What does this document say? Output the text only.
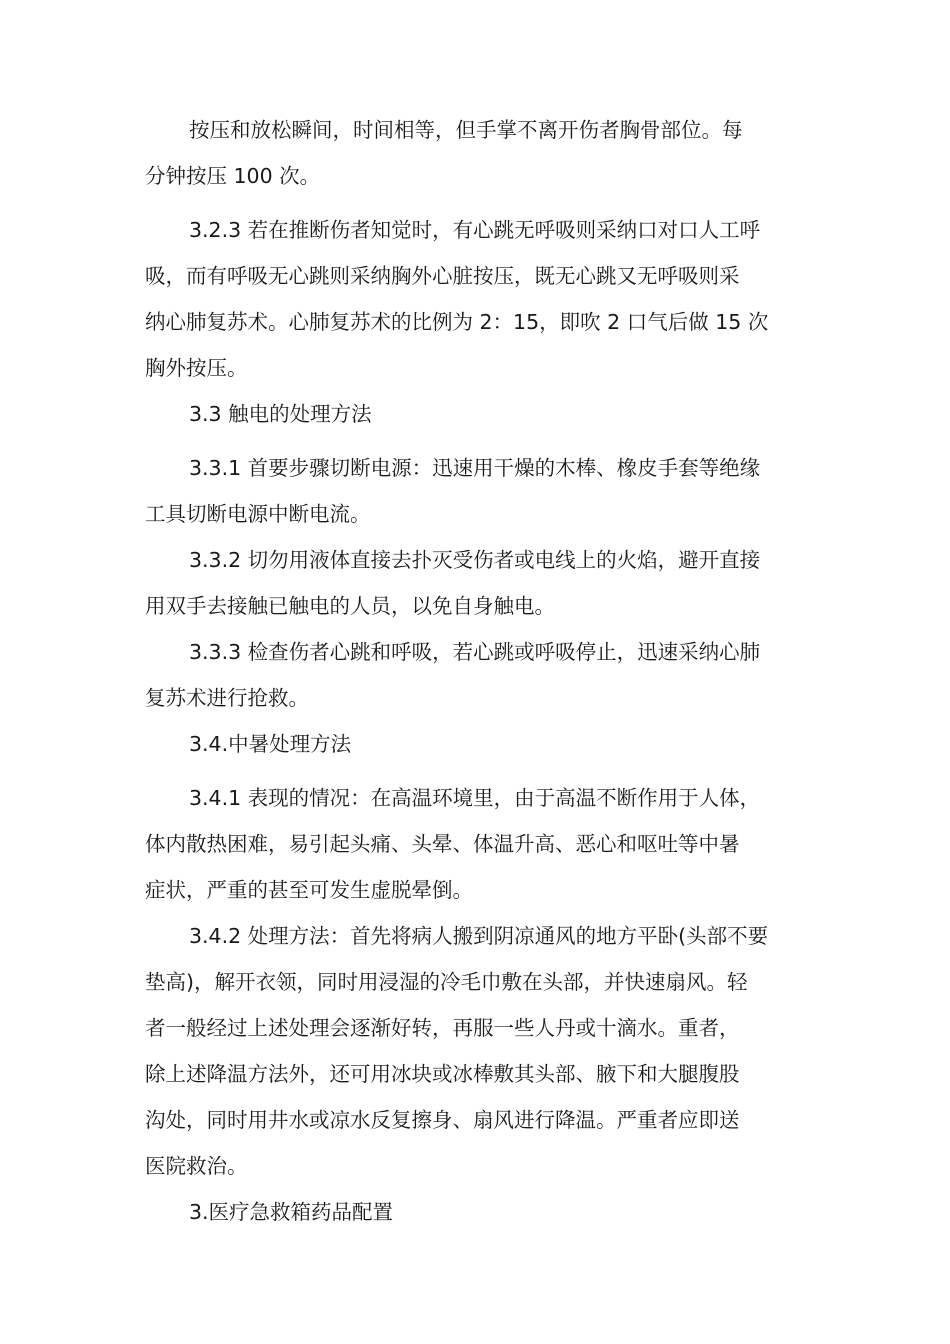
按压和放松瞬间，时间相等，但手掌不离开伤者胸骨部位。每
分钟按压 100 次。
3.2.3 若在推断伤者知觉时，有心跳无呼吸则采纳口对口人工呼
吸，而有呼吸无心跳则采纳胸外心脏按压，既无心跳又无呼吸则采
纳心肺复苏术。心肺复苏术的比例为 2：15，即吹 2 口气后做 15 次
胸外按压。
3.3 触电的处理方法
3.3.1 首要步骤切断电源：迅速用干燥的木棒、橡皮手套等绝缘
工具切断电源中断电流。
3.3.2 切勿用液体直接去扑灭受伤者或电线上的火焰，避开直接
用双手去接触已触电的人员，以免自身触电。
3.3.3 检查伤者心跳和呼吸，若心跳或呼吸停止，迅速采纳心肺
复苏术进行抢救。
3.4.中暑处理方法
3.4.1 表现的情况：在高温环境里，由于高温不断作用于人体，
体内散热困难，易引起头痛、头晕、体温升高、恶心和呕吐等中暑
症状，严重的甚至可发生虚脱晕倒。
3.4.2 处理方法：首先将病人搬到阴凉通风的地方平卧(头部不要
垫高)，解开衣领，同时用浸湿的冷毛巾敷在头部，并快速扇风。轻
者一般经过上述处理会逐渐好转，再服一些人丹或十滴水。重者，
除上述降温方法外，还可用冰块或冰棒敷其头部、腋下和大腿腹股
沟处，同时用井水或凉水反复擦身、扇风进行降温。严重者应即送
医院救治。
3.医疗急救箱药品配置
